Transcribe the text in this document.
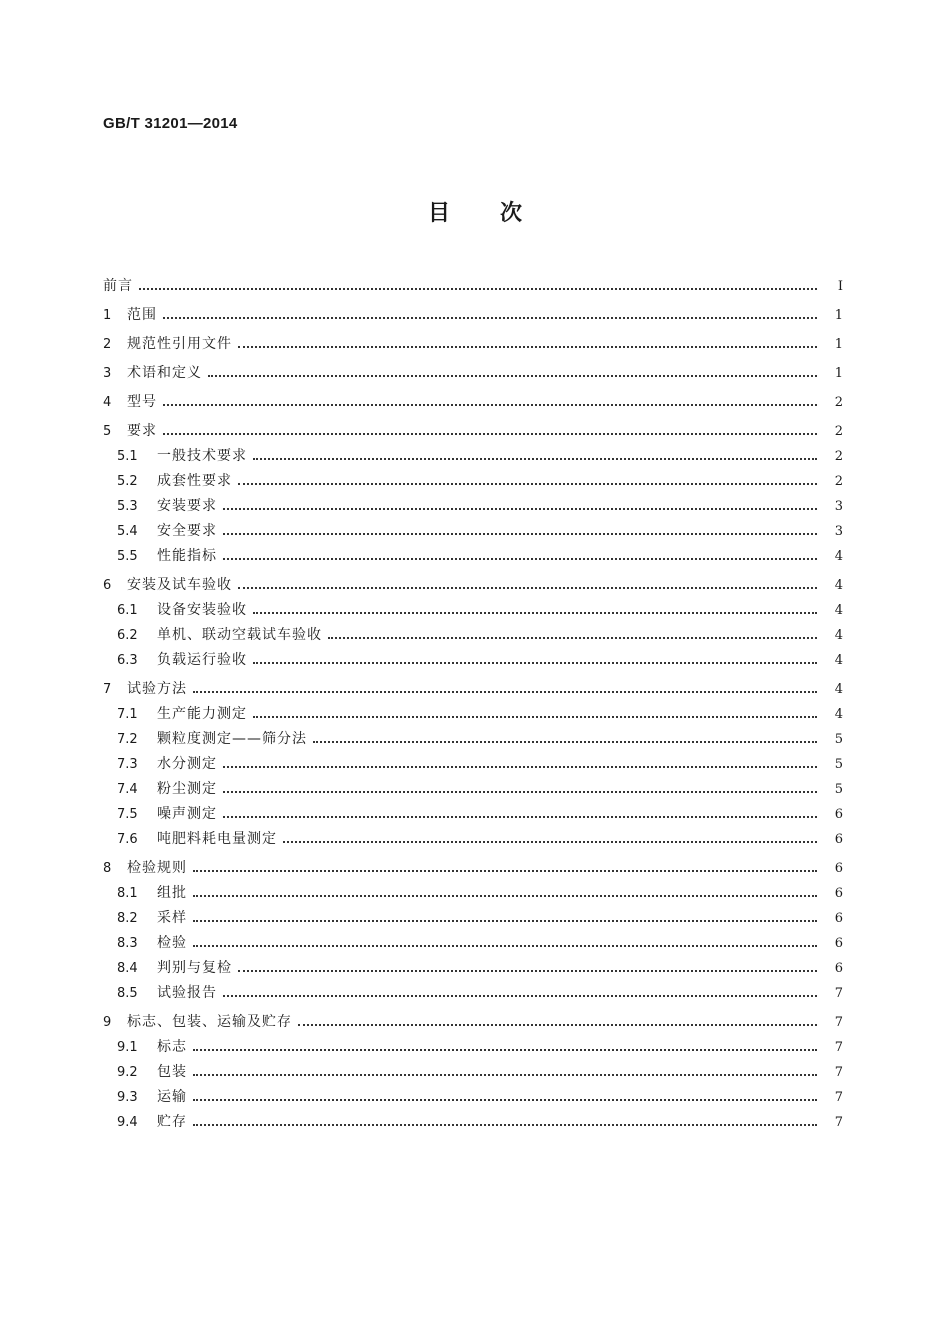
GB/T 31201—2014
目次
前言	Ⅰ
1	范围	1
2	规范性引用文件	1
3	术语和定义	1
4	型号	2
5	要求	2
5.1	一般技术要求	2
5.2	成套性要求	2
5.3	安装要求	3
5.4	安全要求	3
5.5	性能指标	4
6	安装及试车验收	4
6.1	设备安装验收	4
6.2	单机、联动空载试车验收	4
6.3	负载运行验收	4
7	试验方法	4
7.1	生产能力测定	4
7.2	颗粒度测定——筛分法	5
7.3	水分测定	5
7.4	粉尘测定	5
7.5	噪声测定	6
7.6	吨肥料耗电量测定	6
8	检验规则	6
8.1	组批	6
8.2	采样	6
8.3	检验	6
8.4	判别与复检	6
8.5	试验报告	7
9	标志、包装、运输及贮存	7
9.1	标志	7
9.2	包装	7
9.3	运输	7
9.4	贮存	7
